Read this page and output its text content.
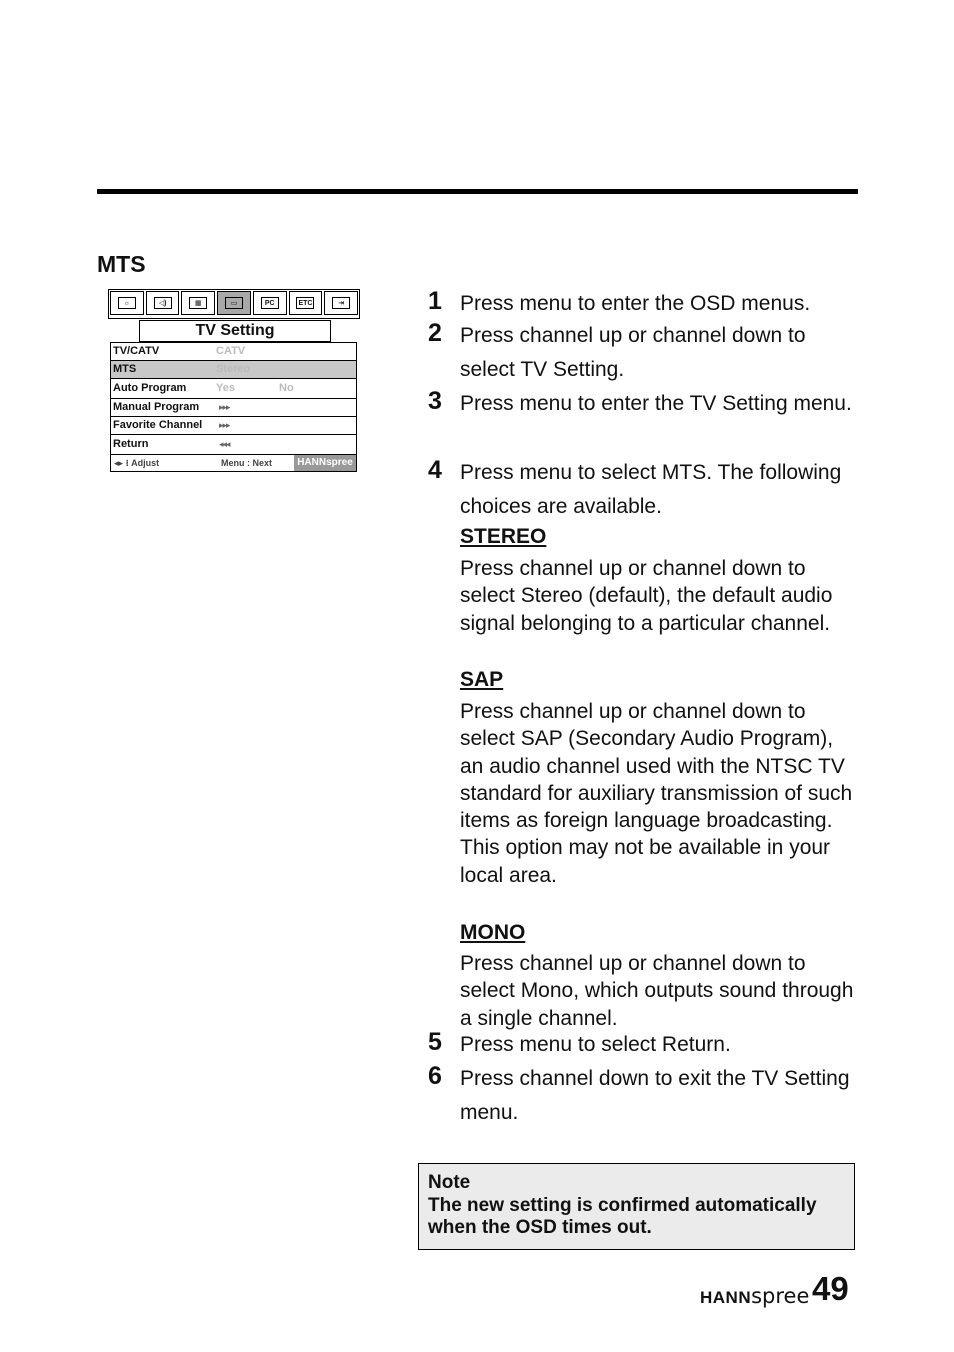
MTS
☼	◁)	▦	▭	PC	ETC	⇥
TV Setting
TV/CATV	CATV
MTS	Stereo
Auto Program	Yes	No
Manual Program ▸▸▸
Favorite Channel ▸▸▸
Return	◂◂◂
◂▸ ⁝ Adjust	Menu : Next	HANNspree
1 Press menu to enter the OSD menus.
2 Press channel up or channel down to select TV Setting.
3 Press menu to enter the TV Setting menu.
4 Press menu to select MTS. The following choices are available.
STEREO
Press channel up or channel down to select Stereo (default), the default audio signal belonging to a particular channel.
SAP
Press channel up or channel down to select SAP (Secondary Audio Program), an audio channel used with the NTSC TV standard for auxiliary transmission of such items as foreign language broadcasting. This option may not be available in your local area.
MONO
Press channel up or channel down to select Mono, which outputs sound through a single channel.
5 Press menu to select Return.
6 Press channel down to exit the TV Setting menu.
Note
The new setting is confirmed automatically when the OSD times out.
HANNspree 49
